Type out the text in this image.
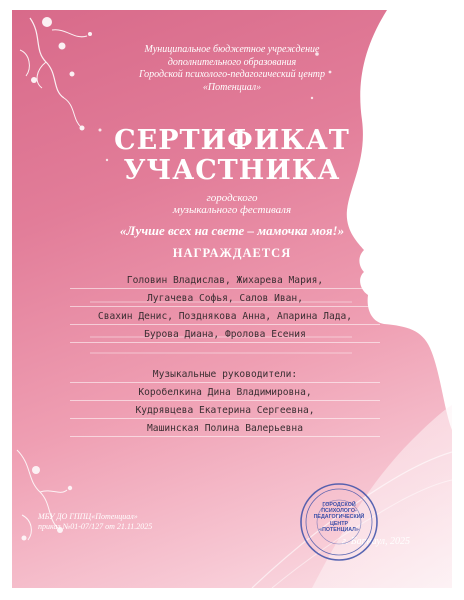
Муниципальное бюджетное учреждение
дополнительного образования
Городской психолого-педагогический центр
«Потенциал»
СЕРТИФИКАТ
УЧАСТНИКА
городского
музыкального фестиваля
«Лучше всех на свете – мамочка моя!»
НАГРАЖДАЕТСЯ
Головин Владислав, Жихарева Мария,
Лугачева Софья, Салов Иван,
Свахин Денис, Позднякова Анна, Апарина Лада,
Бурова Диана, Фролова Есения
Музыкальные руководители:
Коробелкина Дина Владимировна,
Кудрявцева Екатерина Сергеевна,
Машинская Полина Валерьевна
МБУ ДО ГППЦ«Потенциал»
приказ №01-07/127 от 21.11.2025
г. Барнаул, 2025
ГОРОДСКОЙ
ПСИХОЛОГО-
ПЕДАГОГИЧЕСКИЙ
ЦЕНТР
«ПОТЕНЦИАЛ»
